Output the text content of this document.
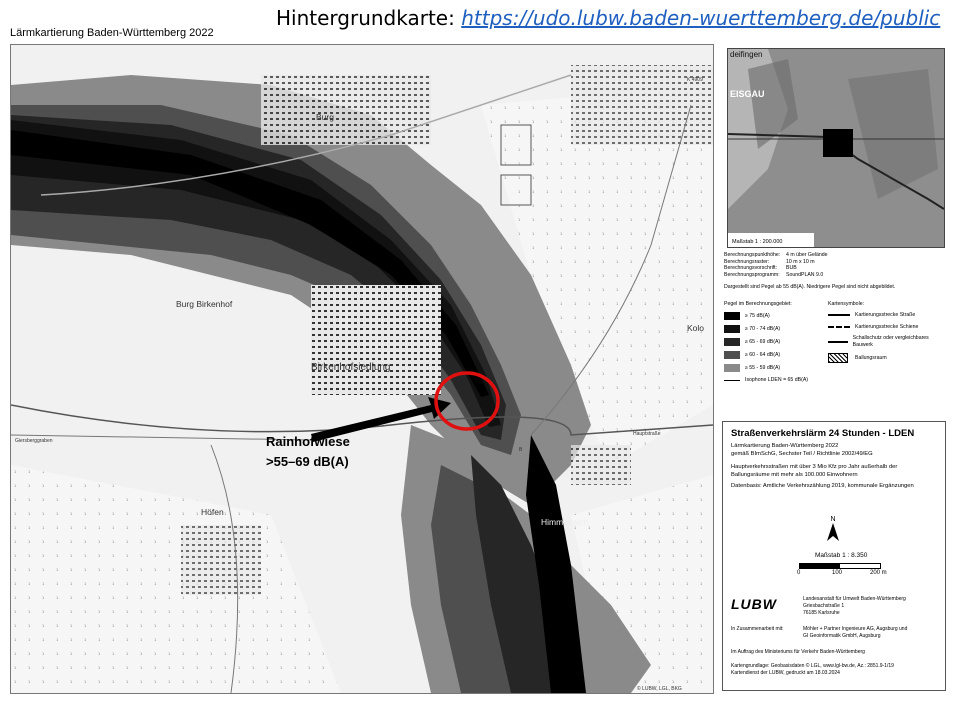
Hintergrundkarte: https://udo.lubw.baden-wuerttemberg.de/public
Lärmkartierung Baden-Württemberg 2022
Burg
Burg Birkenhof
Birkenhofsiedlung
Höfen
Himmelreich
Kolo
Giersberggraben
K 4909
Hauptstraße
B
© LUBW, LGL, BKG
Rainhofwiese
>55–69 dB(A)
EISGAU
deifingen
Maßstab 1 : 200.000
Berechnungspunkthöhe:	4 m über Gelände
Berechnungsraster:	10 m x 10 m
Berechnungsvorschrift:	BUB
Berechnungsprogramm:	SoundPLAN 9.0
Dargestellt sind Pegel ab 55 dB(A). Niedrigere Pegel sind nicht abgebildet.
Pegel im Berechnungsgebiet:
≥ 75 dB(A)
≥ 70 - 74 dB(A)
≥ 65 - 69 dB(A)
≥ 60 - 64 dB(A)
≥ 55 - 59 dB(A)
Isophone LDEN = 65 dB(A)
Kartensymbole:
Kartierungsstrecke Straße
Kartierungsstrecke Schiene
Schallschutz oder vergleichbares Bauwerk
Ballungsraum
Straßenverkehrslärm 24 Stunden - LDEN
Lärmkartierung Baden-Württemberg 2022
gemäß BImSchG, Sechster Teil / Richtlinie 2002/49/EG
Hauptverkehrsstraßen mit über 3 Mio Kfz pro Jahr außerhalb der Ballungsräume mit mehr als 100.000 Einwohnern
Datenbasis: Amtliche Verkehrszählung 2019, kommunale Ergänzungen
N
Maßstab 1 : 8.350
0	100	200 m
LUBW	Landesanstalt für Umwelt Baden-Württemberg
Griesbachstraße 1
76185 Karlsruhe
In Zusammenarbeit mit:	Möhler + Partner Ingenieure AG, Augsburg und
GI Geoinformatik GmbH, Augsburg
Im Auftrag des Ministeriums für Verkehr Baden-Württemberg
Kartengrundlage: Geobasisdaten © LGL, www.lgl-bw.de, Az.: 2851.9-1/19
Kartendienst der LUBW, gedruckt am 18.03.2024
